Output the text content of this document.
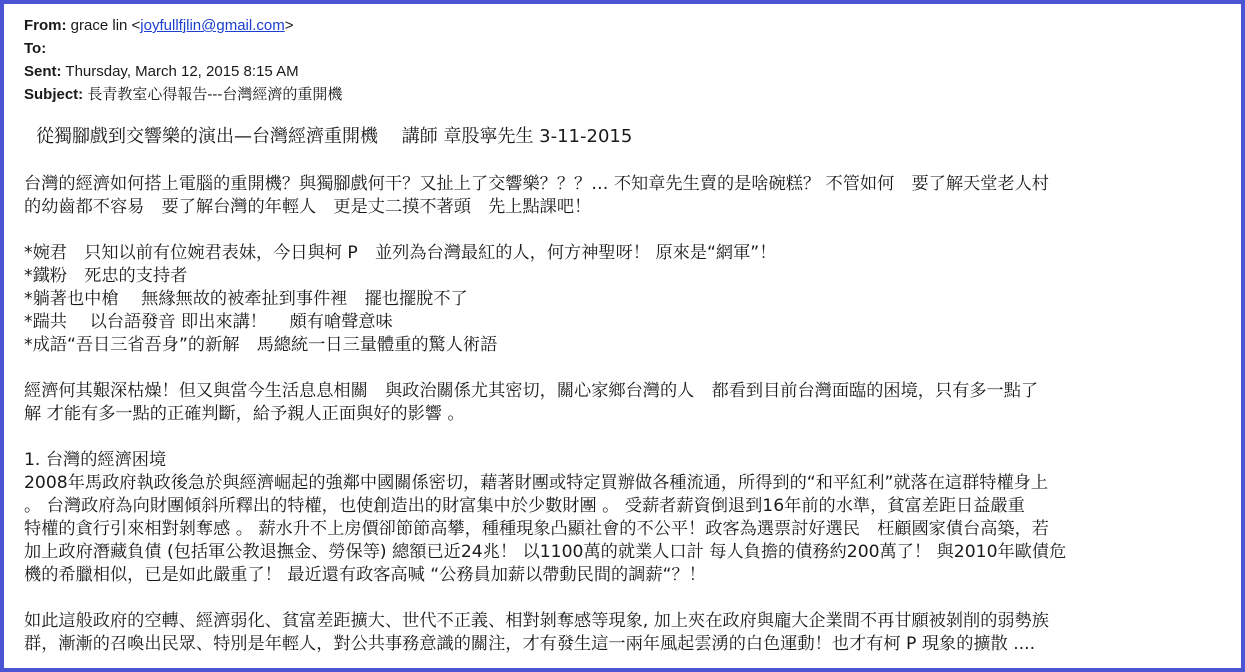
From: grace lin <joyfullfjlin@gmail.com>
To:
Sent: Thursday, March 12, 2015 8:15 AM
Subject: 長青教室心得報告---台灣經濟的重開機
從獨腳戲到交響樂的演出—台灣經濟重開機　 講師 章股寧先生 3-11-2015

台灣的經濟如何搭上電腦的重開機？與獨腳戲何干？又扯上了交響樂？？？… 不知章先生賣的是啥碗糕？ 不管如何　要了解天堂老人村

的幼齒都不容易　要了解台灣的年輕人　更是丈二摸不著頭　先上點課吧！

*婉君　只知以前有位婉君表妹，今日與柯 P　並列為台灣最紅的人，何方神聖呀！ 原來是“網軍”！

*鐵粉　死忠的支持者

*躺著也中槍　 無緣無故的被牽扯到事件裡　擺也擺脫不了

*踹共　 以台語發音 即出來講！　 頗有嗆聲意味

*成語“吾日三省吾身”的新解　馬總統一日三量體重的驚人術語

經濟何其艱深枯燥！但又與當今生活息息相關　與政治關係尤其密切，關心家鄉台灣的人　都看到目前台灣面臨的困境，只有多一點了

解 才能有多一點的正確判斷，給予親人正面與好的影響 。

1. 台灣的經濟困境

2008年馬政府執政後急於與經濟崛起的強鄰中國關係密切，藉著財團或特定買辦做各種流通，所得到的“和平紅利”就落在這群特權身上

。 台灣政府為向財團傾斜所釋出的特權，也使創造出的財富集中於少數財團 。 受薪者薪資倒退到16年前的水準，貧富差距日益嚴重

特權的貪行引來相對剝奪感 。 薪水升不上房價卻節節高攀，種種現象凸顯社會的不公平！政客為選票討好選民　枉顧國家債台高築，若

加上政府潛藏負債 (包括軍公教退撫金、勞保等) 總額已近24兆！ 以1100萬的就業人口計 每人負擔的債務約200萬了！ 與2010年歐債危

機的希臘相似，已是如此嚴重了！ 最近還有政客高喊 “公務員加薪以帶動民間的調薪“？！

如此這般政府的空轉、經濟弱化、貧富差距擴大、世代不正義、相對剝奪感等現象, 加上夾在政府與龐大企業間不再甘願被剝削的弱勢族

群，漸漸的召喚出民眾、特別是年輕人，對公共事務意識的關注，才有發生這一兩年風起雲湧的白色運動！也才有柯 P 現象的擴散 ....
